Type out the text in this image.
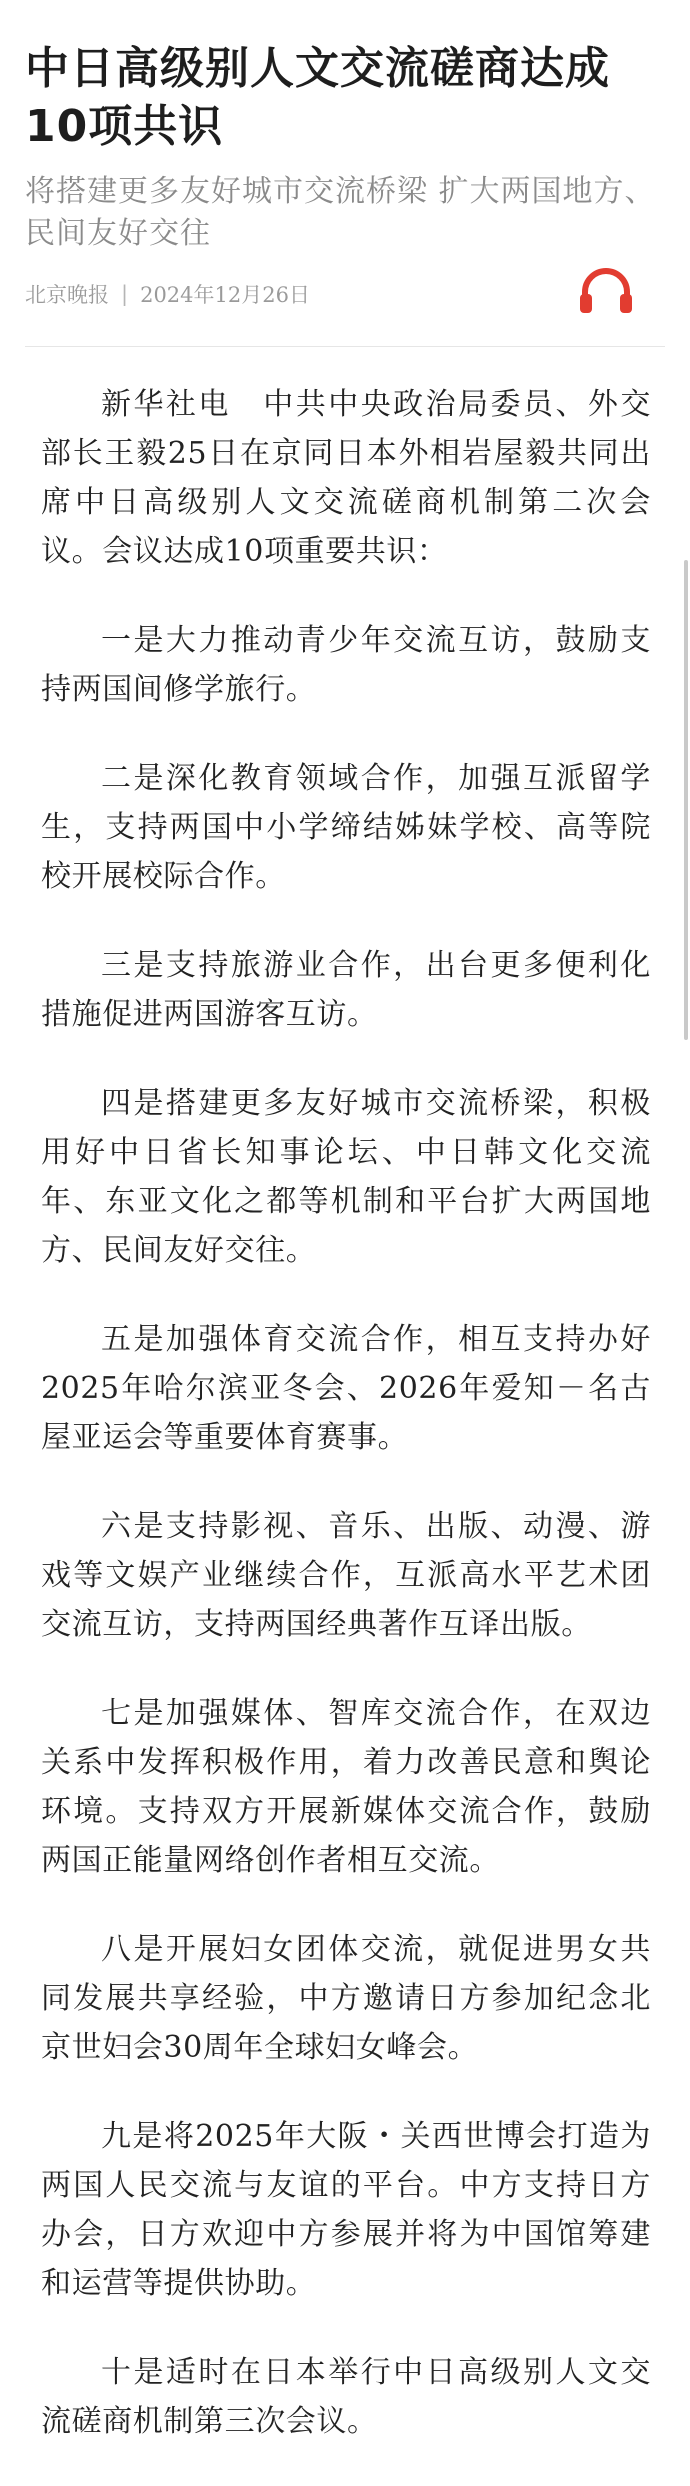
中日高级别人文交流磋商达成10项共识

将搭建更多友好城市交流桥梁 扩大两国地方、民间友好交往

北京晚报 | 2024年12月26日

新华社电　中共中央政治局委员、外交部长王毅25日在京同日本外相岩屋毅共同出席中日高级别人文交流磋商机制第二次会议。会议达成10项重要共识：

一是大力推动青少年交流互访，鼓励支持两国间修学旅行。

二是深化教育领域合作，加强互派留学生，支持两国中小学缔结姊妹学校、高等院校开展校际合作。

三是支持旅游业合作，出台更多便利化措施促进两国游客互访。

四是搭建更多友好城市交流桥梁，积极用好中日省长知事论坛、中日韩文化交流年、东亚文化之都等机制和平台扩大两国地方、民间友好交往。

五是加强体育交流合作，相互支持办好2025年哈尔滨亚冬会、2026年爱知－名古屋亚运会等重要体育赛事。

六是支持影视、音乐、出版、动漫、游戏等文娱产业继续合作，互派高水平艺术团交流互访，支持两国经典著作互译出版。

七是加强媒体、智库交流合作，在双边关系中发挥积极作用，着力改善民意和舆论环境。支持双方开展新媒体交流合作，鼓励两国正能量网络创作者相互交流。

八是开展妇女团体交流，就促进男女共同发展共享经验，中方邀请日方参加纪念北京世妇会30周年全球妇女峰会。

九是将2025年大阪・关西世博会打造为两国人民交流与友谊的平台。中方支持日方办会，日方欢迎中方参展并将为中国馆筹建和运营等提供协助。

十是适时在日本举行中日高级别人文交流磋商机制第三次会议。
